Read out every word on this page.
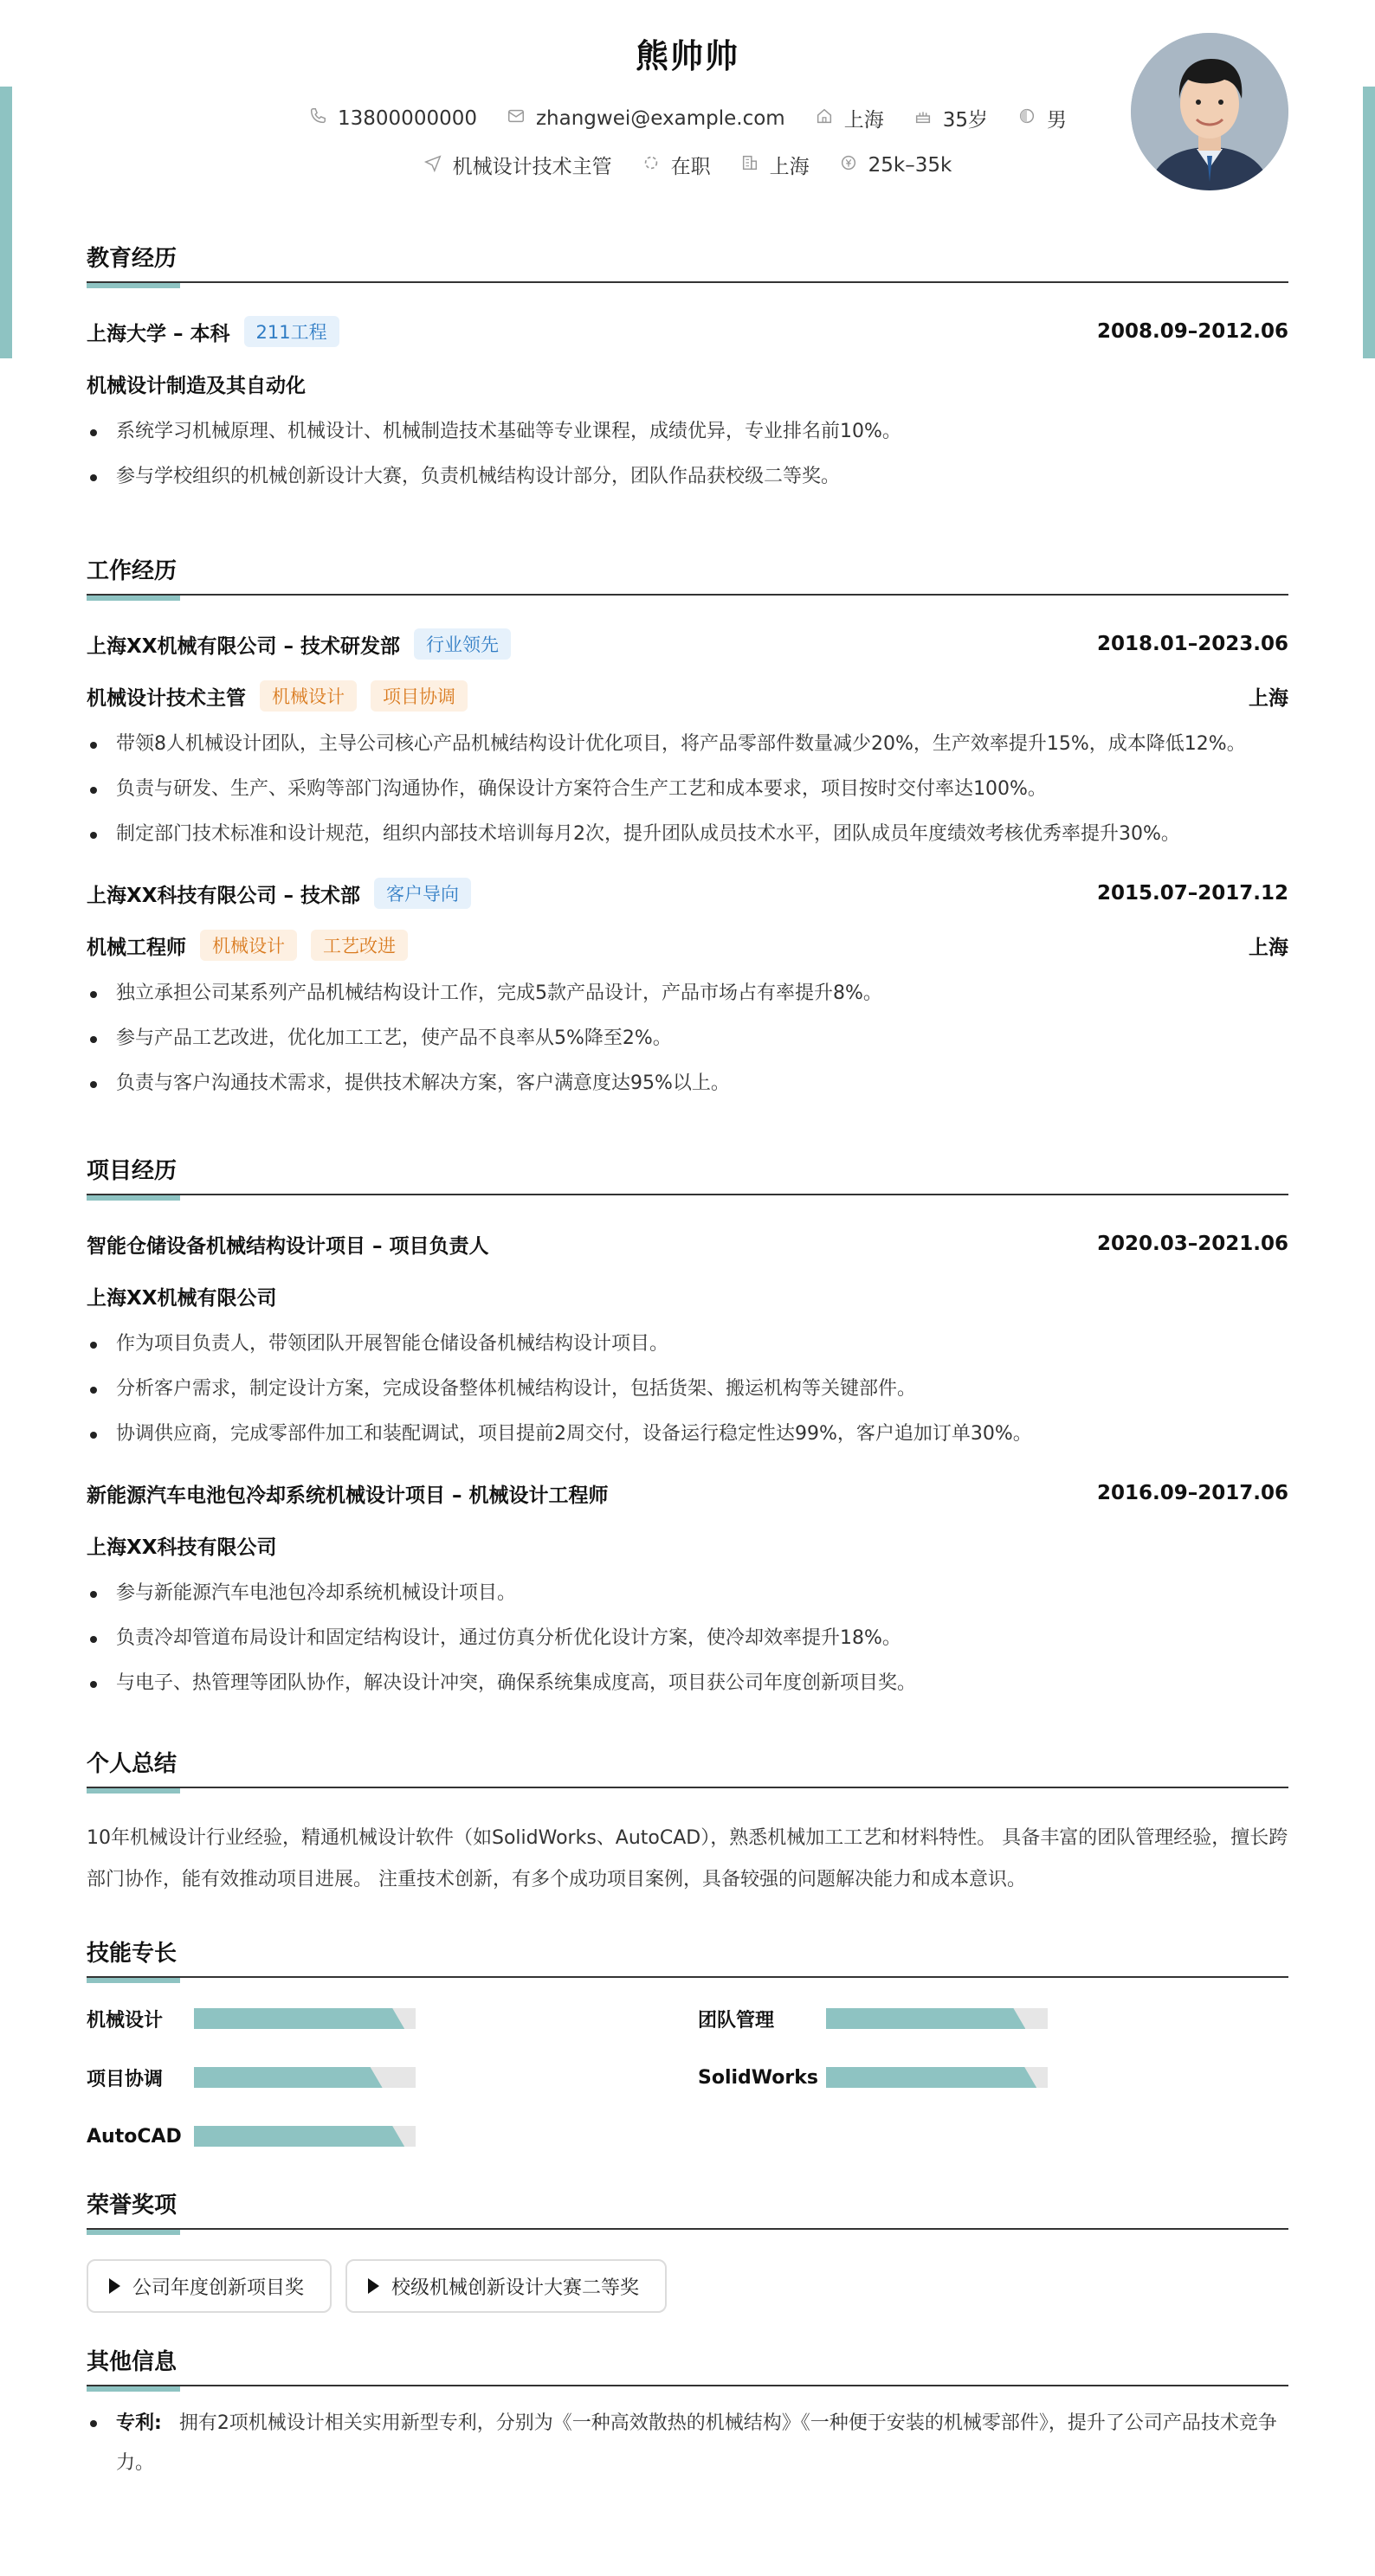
熊帅帅
13800000000	zhangwei@example.com	上海	35岁	男
机械设计技术主管	在职	上海	25k–35k
教育经历
上海大学 – 本科	211工程	2008.09–2012.06
机械设计制造及其自动化
系统学习机械原理、机械设计、机械制造技术基础等专业课程，成绩优异，专业排名前10%。
参与学校组织的机械创新设计大赛，负责机械结构设计部分，团队作品获校级二等奖。
工作经历
上海XX机械有限公司 – 技术研发部	行业领先	2018.01–2023.06
机械设计技术主管	机械设计	项目协调	上海
带领8人机械设计团队，主导公司核心产品机械结构设计优化项目，将产品零部件数量减少20%，生产效率提升15%，成本降低12%。
负责与研发、生产、采购等部门沟通协作，确保设计方案符合生产工艺和成本要求，项目按时交付率达100%。
制定部门技术标准和设计规范，组织内部技术培训每月2次，提升团队成员技术水平，团队成员年度绩效考核优秀率提升30%。
上海XX科技有限公司 – 技术部	客户导向	2015.07–2017.12
机械工程师	机械设计	工艺改进	上海
独立承担公司某系列产品机械结构设计工作，完成5款产品设计，产品市场占有率提升8%。
参与产品工艺改进，优化加工工艺，使产品不良率从5%降至2%。
负责与客户沟通技术需求，提供技术解决方案，客户满意度达95%以上。
项目经历
智能仓储设备机械结构设计项目 – 项目负责人	2020.03–2021.06
上海XX机械有限公司
作为项目负责人，带领团队开展智能仓储设备机械结构设计项目。
分析客户需求，制定设计方案，完成设备整体机械结构设计，包括货架、搬运机构等关键部件。
协调供应商，完成零部件加工和装配调试，项目提前2周交付，设备运行稳定性达99%，客户追加订单30%。
新能源汽车电池包冷却系统机械设计项目 – 机械设计工程师	2016.09–2017.06
上海XX科技有限公司
参与新能源汽车电池包冷却系统机械设计项目。
负责冷却管道布局设计和固定结构设计，通过仿真分析优化设计方案，使冷却效率提升18%。
与电子、热管理等团队协作，解决设计冲突，确保系统集成度高，项目获公司年度创新项目奖。
个人总结
10年机械设计行业经验，精通机械设计软件（如SolidWorks、AutoCAD），熟悉机械加工工艺和材料特性。 具备丰富的团队管理经验，擅长跨部门协作，能有效推动项目进展。 注重技术创新，有多个成功项目案例，具备较强的问题解决能力和成本意识。
技能专长
机械设计	团队管理
项目协调	SolidWorks
AutoCAD
荣誉奖项
公司年度创新项目奖	校级机械创新设计大赛二等奖
其他信息
专利: 拥有2项机械设计相关实用新型专利，分别为《一种高效散热的机械结构》《一种便于安装的机械零部件》，提升了公司产品技术竞争力。
